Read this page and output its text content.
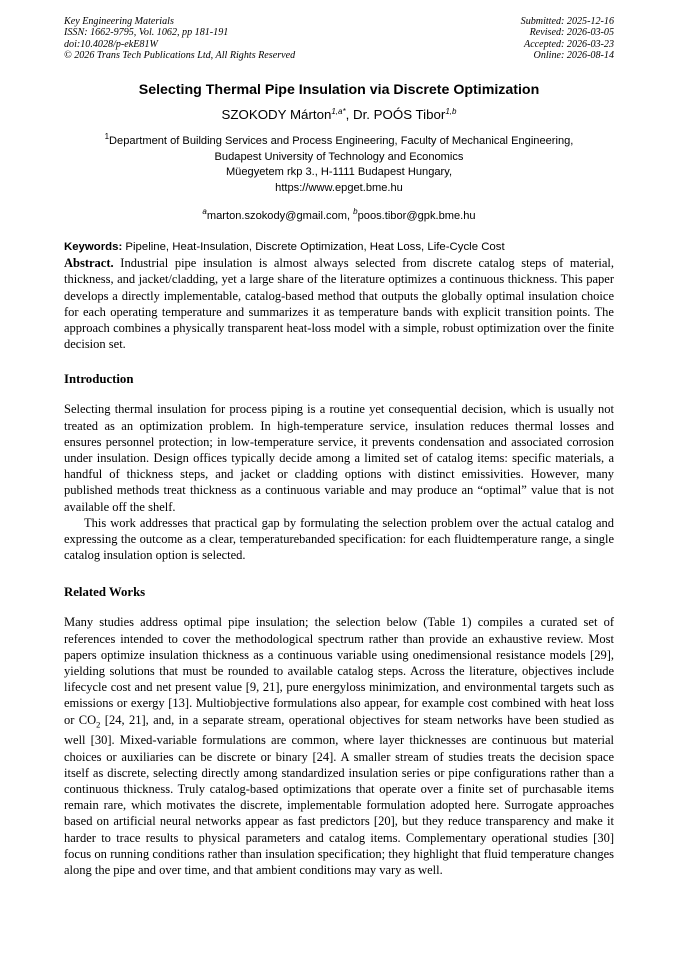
Key Engineering Materials
ISSN: 1662-9795, Vol. 1062, pp 181-191
doi:10.4028/p-ekE81W
© 2026 Trans Tech Publications Ltd, All Rights Reserved
Submitted: 2025-12-16
Revised: 2026-03-05
Accepted: 2026-03-23
Online: 2026-08-14
Selecting Thermal Pipe Insulation via Discrete Optimization
SZOKODY Márton$^{1,a*}$, Dr. POÓS Tibor$^{1,b}$
$^1$Department of Building Services and Process Engineering, Faculty of Mechanical Engineering,
Budapest University of Technology and Economics
Müegyetem rkp 3., H-1111 Budapest Hungary,
https://www.epget.bme.hu
$^a$marton.szokody@gmail.com, $^b$poos.tibor@gpk.bme.hu
Keywords: Pipeline, Heat-Insulation, Discrete Optimization, Heat Loss, Life-Cycle Cost

Abstract. Industrial pipe insulation is almost always selected from discrete catalog steps of material, thickness, and jacket/cladding, yet a large share of the literature optimizes a continuous thickness. This paper develops a directly implementable, catalog-based method that outputs the globally optimal insulation choice for each operating temperature and summarizes it as temperature bands with explicit transition points. The approach combines a physically transparent heat-loss model with a simple, robust optimization over the finite decision set.

Introduction

Selecting thermal insulation for process piping is a routine yet consequential decision, which is usually not treated as an optimization problem. In high-temperature service, insulation reduces thermal losses and ensures personnel protection; in low-temperature service, it prevents condensation and associated corrosion under insulation. Design offices typically decide among a limited set of catalog items: specific materials, a handful of thickness steps, and jacket or cladding options with distinct emissivities. However, many published methods treat thickness as a continuous variable and may produce an “optimal” value that is not available off the shelf.

This work addresses that practical gap by formulating the selection problem over the actual catalog and expressing the outcome as a clear, temperaturebanded specification: for each fluidtemperature range, a single catalog insulation option is selected.

Related Works

Many studies address optimal pipe insulation; the selection below (Table 1) compiles a curated set of references intended to cover the methodological spectrum rather than provide an exhaustive review. Most papers optimize insulation thickness as a continuous variable using onedimensional resistance models [29], yielding solutions that must be rounded to available catalog steps. Across the literature, objectives include lifecycle cost and net present value [9, 21], pure energyloss minimization, and environmental targets such as emissions or exergy [13]. Multiobjective formulations also appear, for example cost combined with heat loss or $CO_2$ [24, 21], and, in a separate stream, operational objectives for steam networks have been studied as well [30]. Mixed-variable formulations are common, where layer thicknesses are continuous but material choices or auxiliaries can be discrete or binary [24]. A smaller stream of studies treats the decision space itself as discrete, selecting directly among standardized insulation series or pipe configurations rather than a continuous thickness. Truly catalog-based optimizations that operate over a finite set of purchasable items remain rare, which motivates the discrete, implementable formulation adopted here. Surrogate approaches based on artificial neural networks appear as fast predictors [20], but they reduce transparency and make it harder to trace results to physical parameters and catalog items. Complementary operational studies [30] focus on running conditions rather than insulation specification; they highlight that fluid temperature changes along the pipe and over time, and that ambient conditions may vary as well.
